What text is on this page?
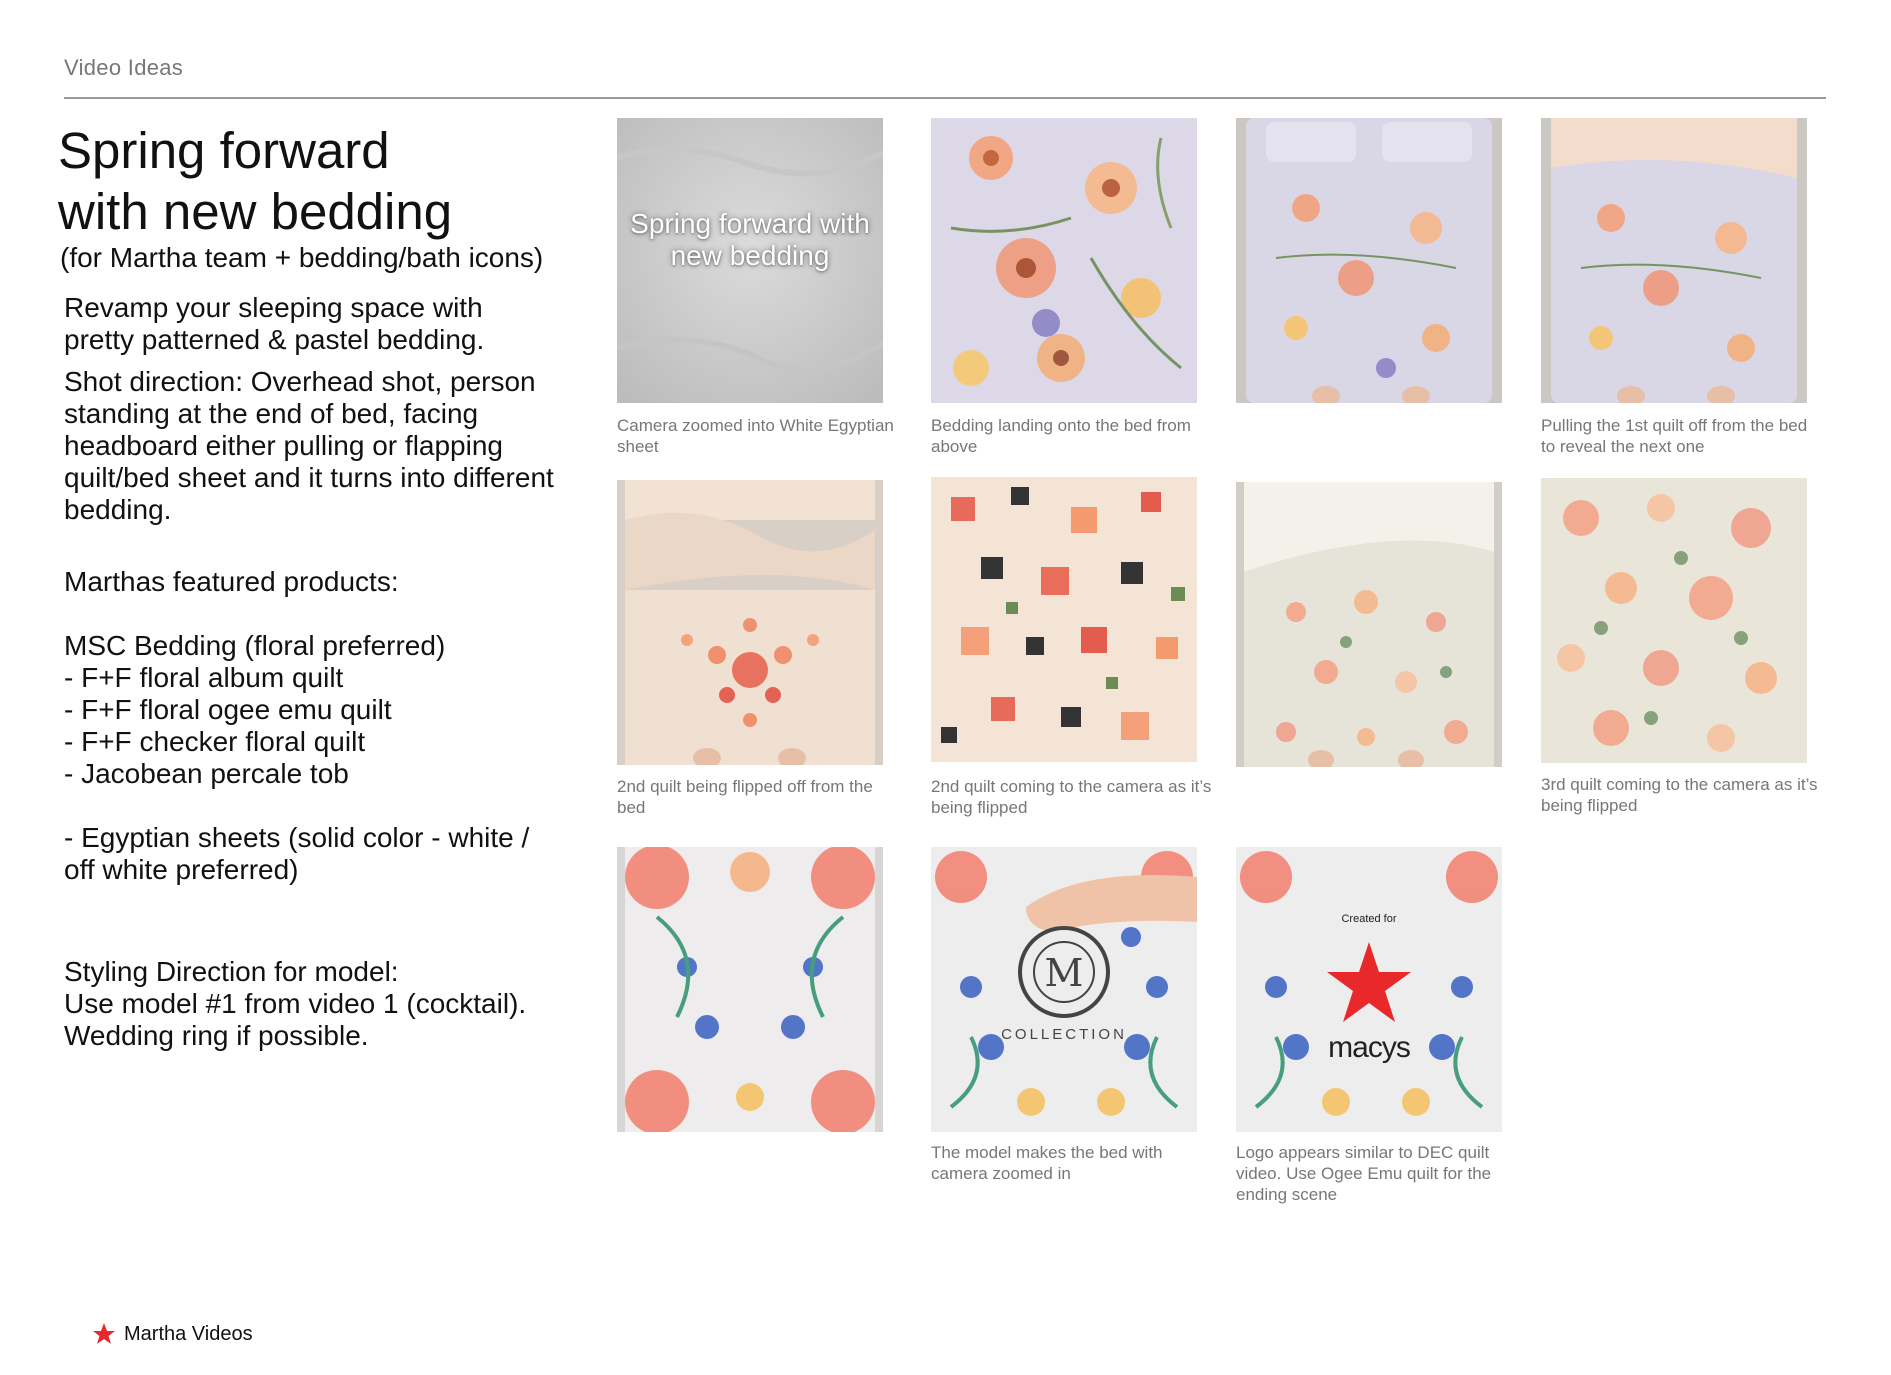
Video Ideas
Spring forward
with new bedding
(for Martha team + bedding/bath icons)
Revamp your sleeping space with pretty patterned & pastel bedding.
Shot direction: Overhead shot, person standing at the end of bed, facing headboard either pulling or flapping quilt/bed sheet and it turns into different bedding.
Marthas featured products:
MSC Bedding (floral preferred)
- F+F floral album quilt
- F+F floral ogee emu quilt
- F+F checker floral quilt
- Jacobean percale tob
- Egyptian sheets (solid color - white / off white preferred)
Styling Direction for model:
Use model #1 from video 1 (cocktail). Wedding ring if possible.
Spring forward with new bedding
Camera zoomed into White Egyptian sheet
Bedding landing onto the bed from above
Pulling the 1st quilt off from the bed to reveal the next one
2nd quilt being flipped off from the bed
2nd quilt coming to the camera as it’s being flipped
3rd quilt coming to the camera as it’s being flipped
M
COLLECTION
The model makes the bed with camera zoomed in
Created for
macys
Logo appears similar to DEC quilt video. Use Ogee Emu quilt for the ending scene
Martha Videos
